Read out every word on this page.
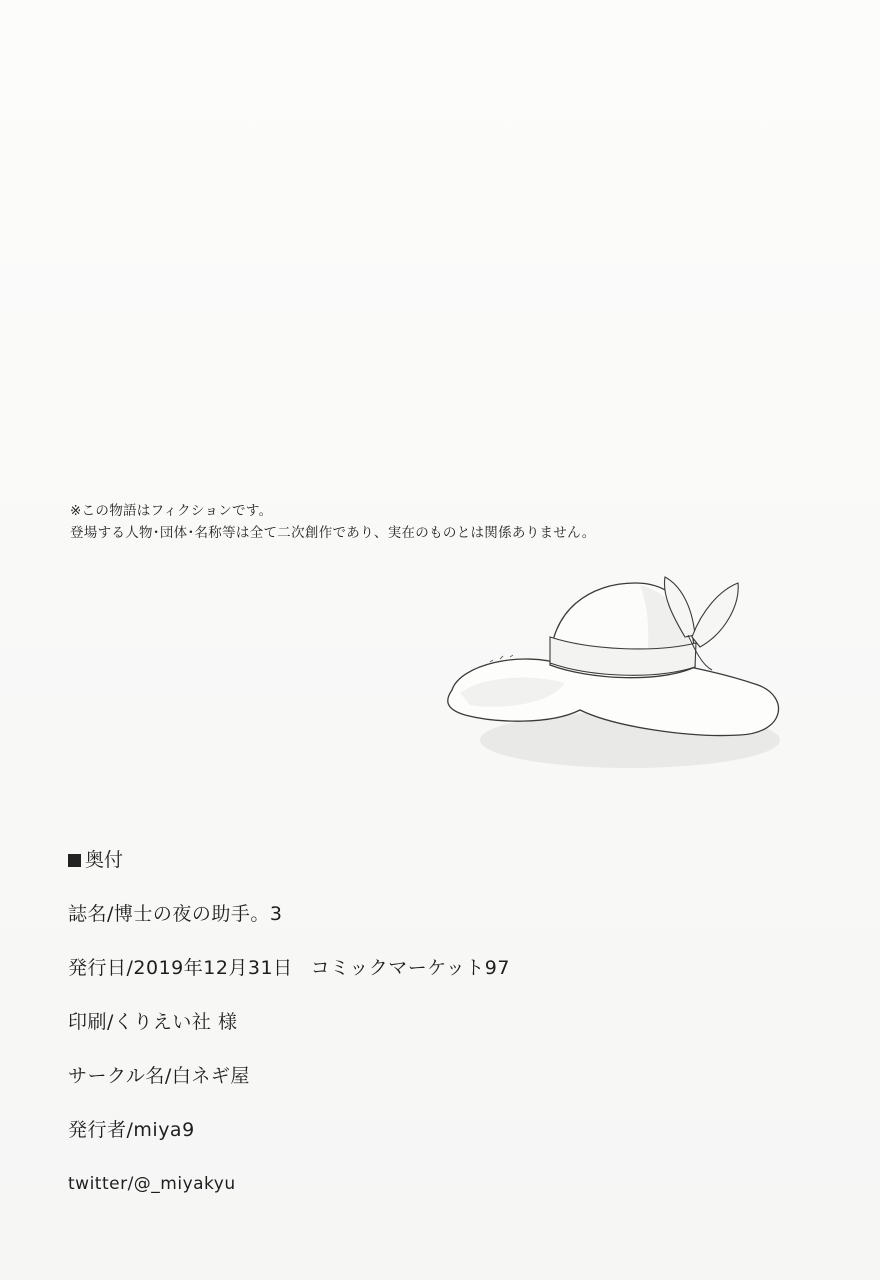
※この物語はフィクションです。
登場する人物･団体･名称等は全て二次創作であり、実在のものとは関係ありません。
奥付
誌名/博士の夜の助手。3
発行日/2019年12月31日 コミックマーケット97
印刷/くりえい社 様
サークル名/白ネギ屋
発行者/miya9
twitter/@_miyakyu
